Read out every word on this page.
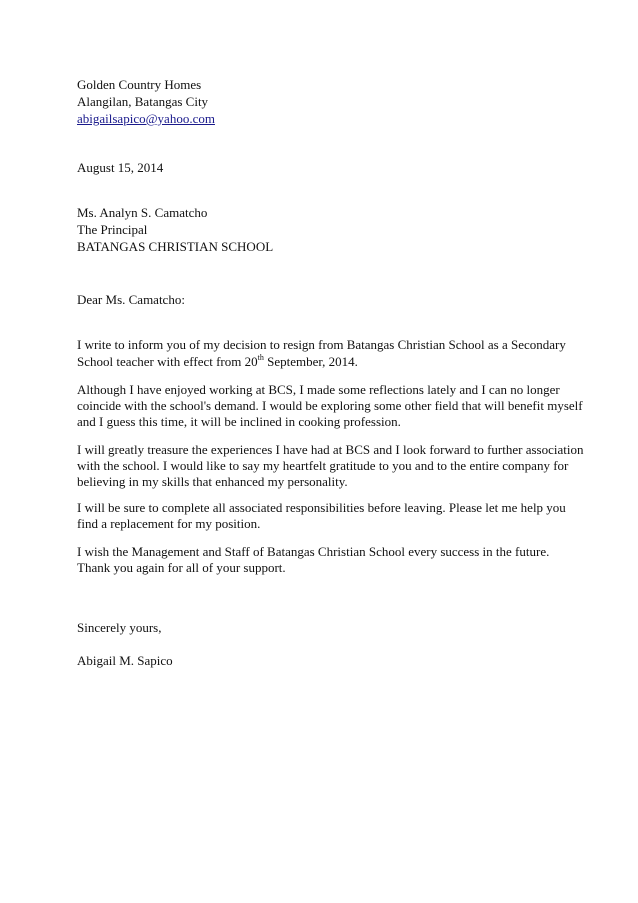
Golden Country Homes

Alangilan, Batangas City

abigailsapico@yahoo.com

August 15, 2014

Ms. Analyn S. Camatcho

The Principal

BATANGAS CHRISTIAN SCHOOL

Dear Ms. Camatcho:

I write to inform you of my decision to resign from Batangas Christian School as a Secondary

School teacher with effect from 20th September, 2014.

Although I have enjoyed working at BCS, I made some reflections lately and I can no longer

coincide with the school's demand. I would be exploring some other field that will benefit myself

and I guess this time, it will be inclined in cooking profession.

I will greatly treasure the experiences I have had at BCS and I look forward to further association

with the school. I would like to say my heartfelt gratitude to you and to the entire company for

believing in my skills that enhanced my personality.

I will be sure to complete all associated responsibilities before leaving. Please let me help you

find a replacement for my position.

I wish the Management and Staff of Batangas Christian School every success in the future.

Thank you again for all of your support.

Sincerely yours,

Abigail M. Sapico
